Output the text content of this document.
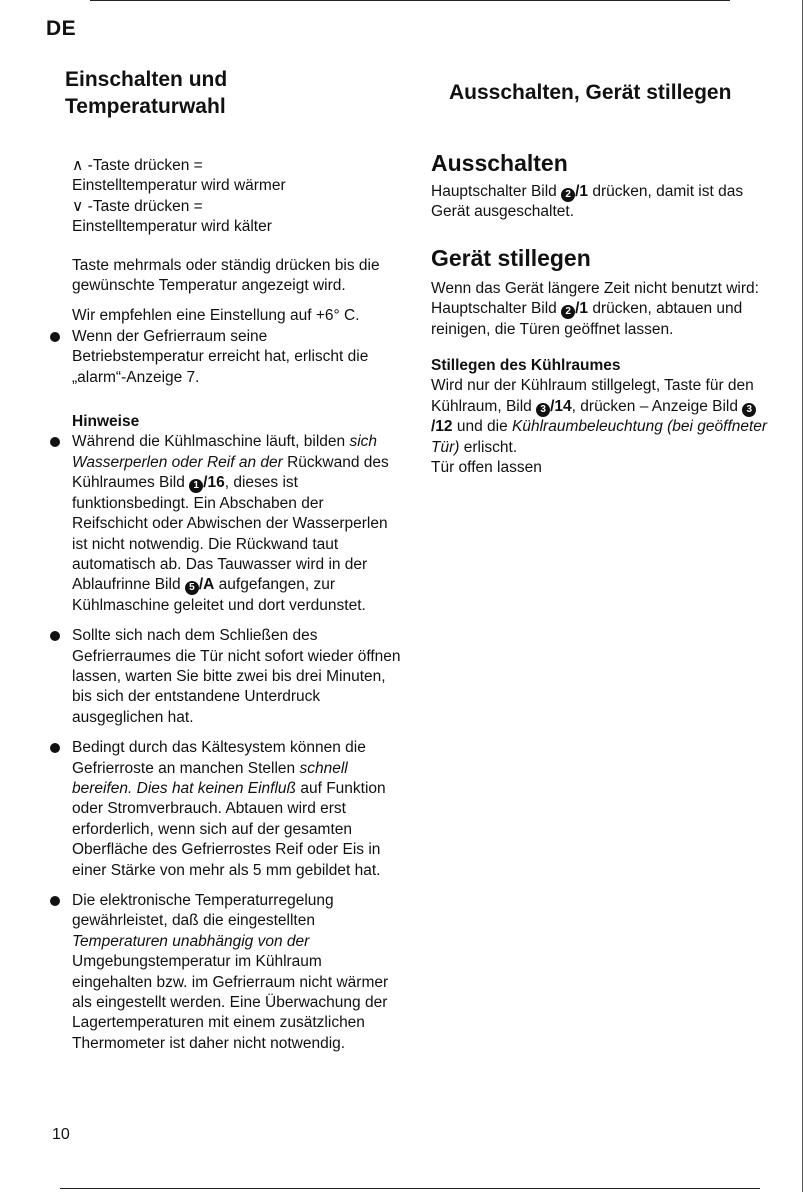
DE
Einschalten und
Temperaturwahl
Ausschalten, Gerät stillegen

∧ -Taste drücken =

Einstelltemperatur wird wärmer

∨ -Taste drücken =

Einstelltemperatur wird kälter

Taste mehrmals oder ständig drücken bis die gewünschte Temperatur angezeigt wird.

Wir empfehlen eine Einstellung auf +6° C.

Wenn der Gefrierraum seine Betriebstemperatur erreicht hat, erlischt die „alarm“-Anzeige 7.

Hinweise

Während die Kühlmaschine läuft, bilden sich Wasserperlen oder Reif an der Rückwand des Kühlraumes Bild 1 /16, dieses ist funktionsbedingt. Ein Abschaben der Reifschicht oder Abwischen der Wasserperlen ist nicht notwendig. Die Rückwand taut automatisch ab. Das Tauwasser wird in der Ablaufrinne Bild 5 /A aufgefangen, zur Kühlmaschine geleitet und dort verdunstet.

Sollte sich nach dem Schließen des Gefrierraumes die Tür nicht sofort wieder öffnen lassen, warten Sie bitte zwei bis drei Minuten, bis sich der entstandene Unterdruck ausgeglichen hat.

Bedingt durch das Kältesystem können die Gefrierroste an manchen Stellen schnell bereifen. Dies hat keinen Einfluß auf Funktion oder Stromverbrauch. Abtauen wird erst erforderlich, wenn sich auf der gesamten Oberfläche des Gefrierrostes Reif oder Eis in einer Stärke von mehr als 5 mm gebildet hat.

Die elektronische Temperaturregelung gewährleistet, daß die eingestellten Temperaturen unabhängig von der Umgebungstemperatur im Kühlraum eingehalten bzw. im Gefrierraum nicht wärmer als eingestellt werden. Eine Überwachung der Lagertemperaturen mit einem zusätzlichen Thermometer ist daher nicht notwendig.

Ausschalten

Hauptschalter Bild 2 /1 drücken, damit ist das Gerät ausgeschaltet.

Gerät stillegen

Wenn das Gerät längere Zeit nicht benutzt wird:

Hauptschalter Bild 2 /1 drücken, abtauen und reinigen, die Türen geöffnet lassen.

Stillegen des Kühlraumes

Wird nur der Kühlraum stillgelegt, Taste für den Kühlraum, Bild 3 /14, drücken – Anzeige Bild 3/12 und die Kühlraumbeleuchtung (bei geöffneter Tür) erlischt.

Tür offen lassen

10
